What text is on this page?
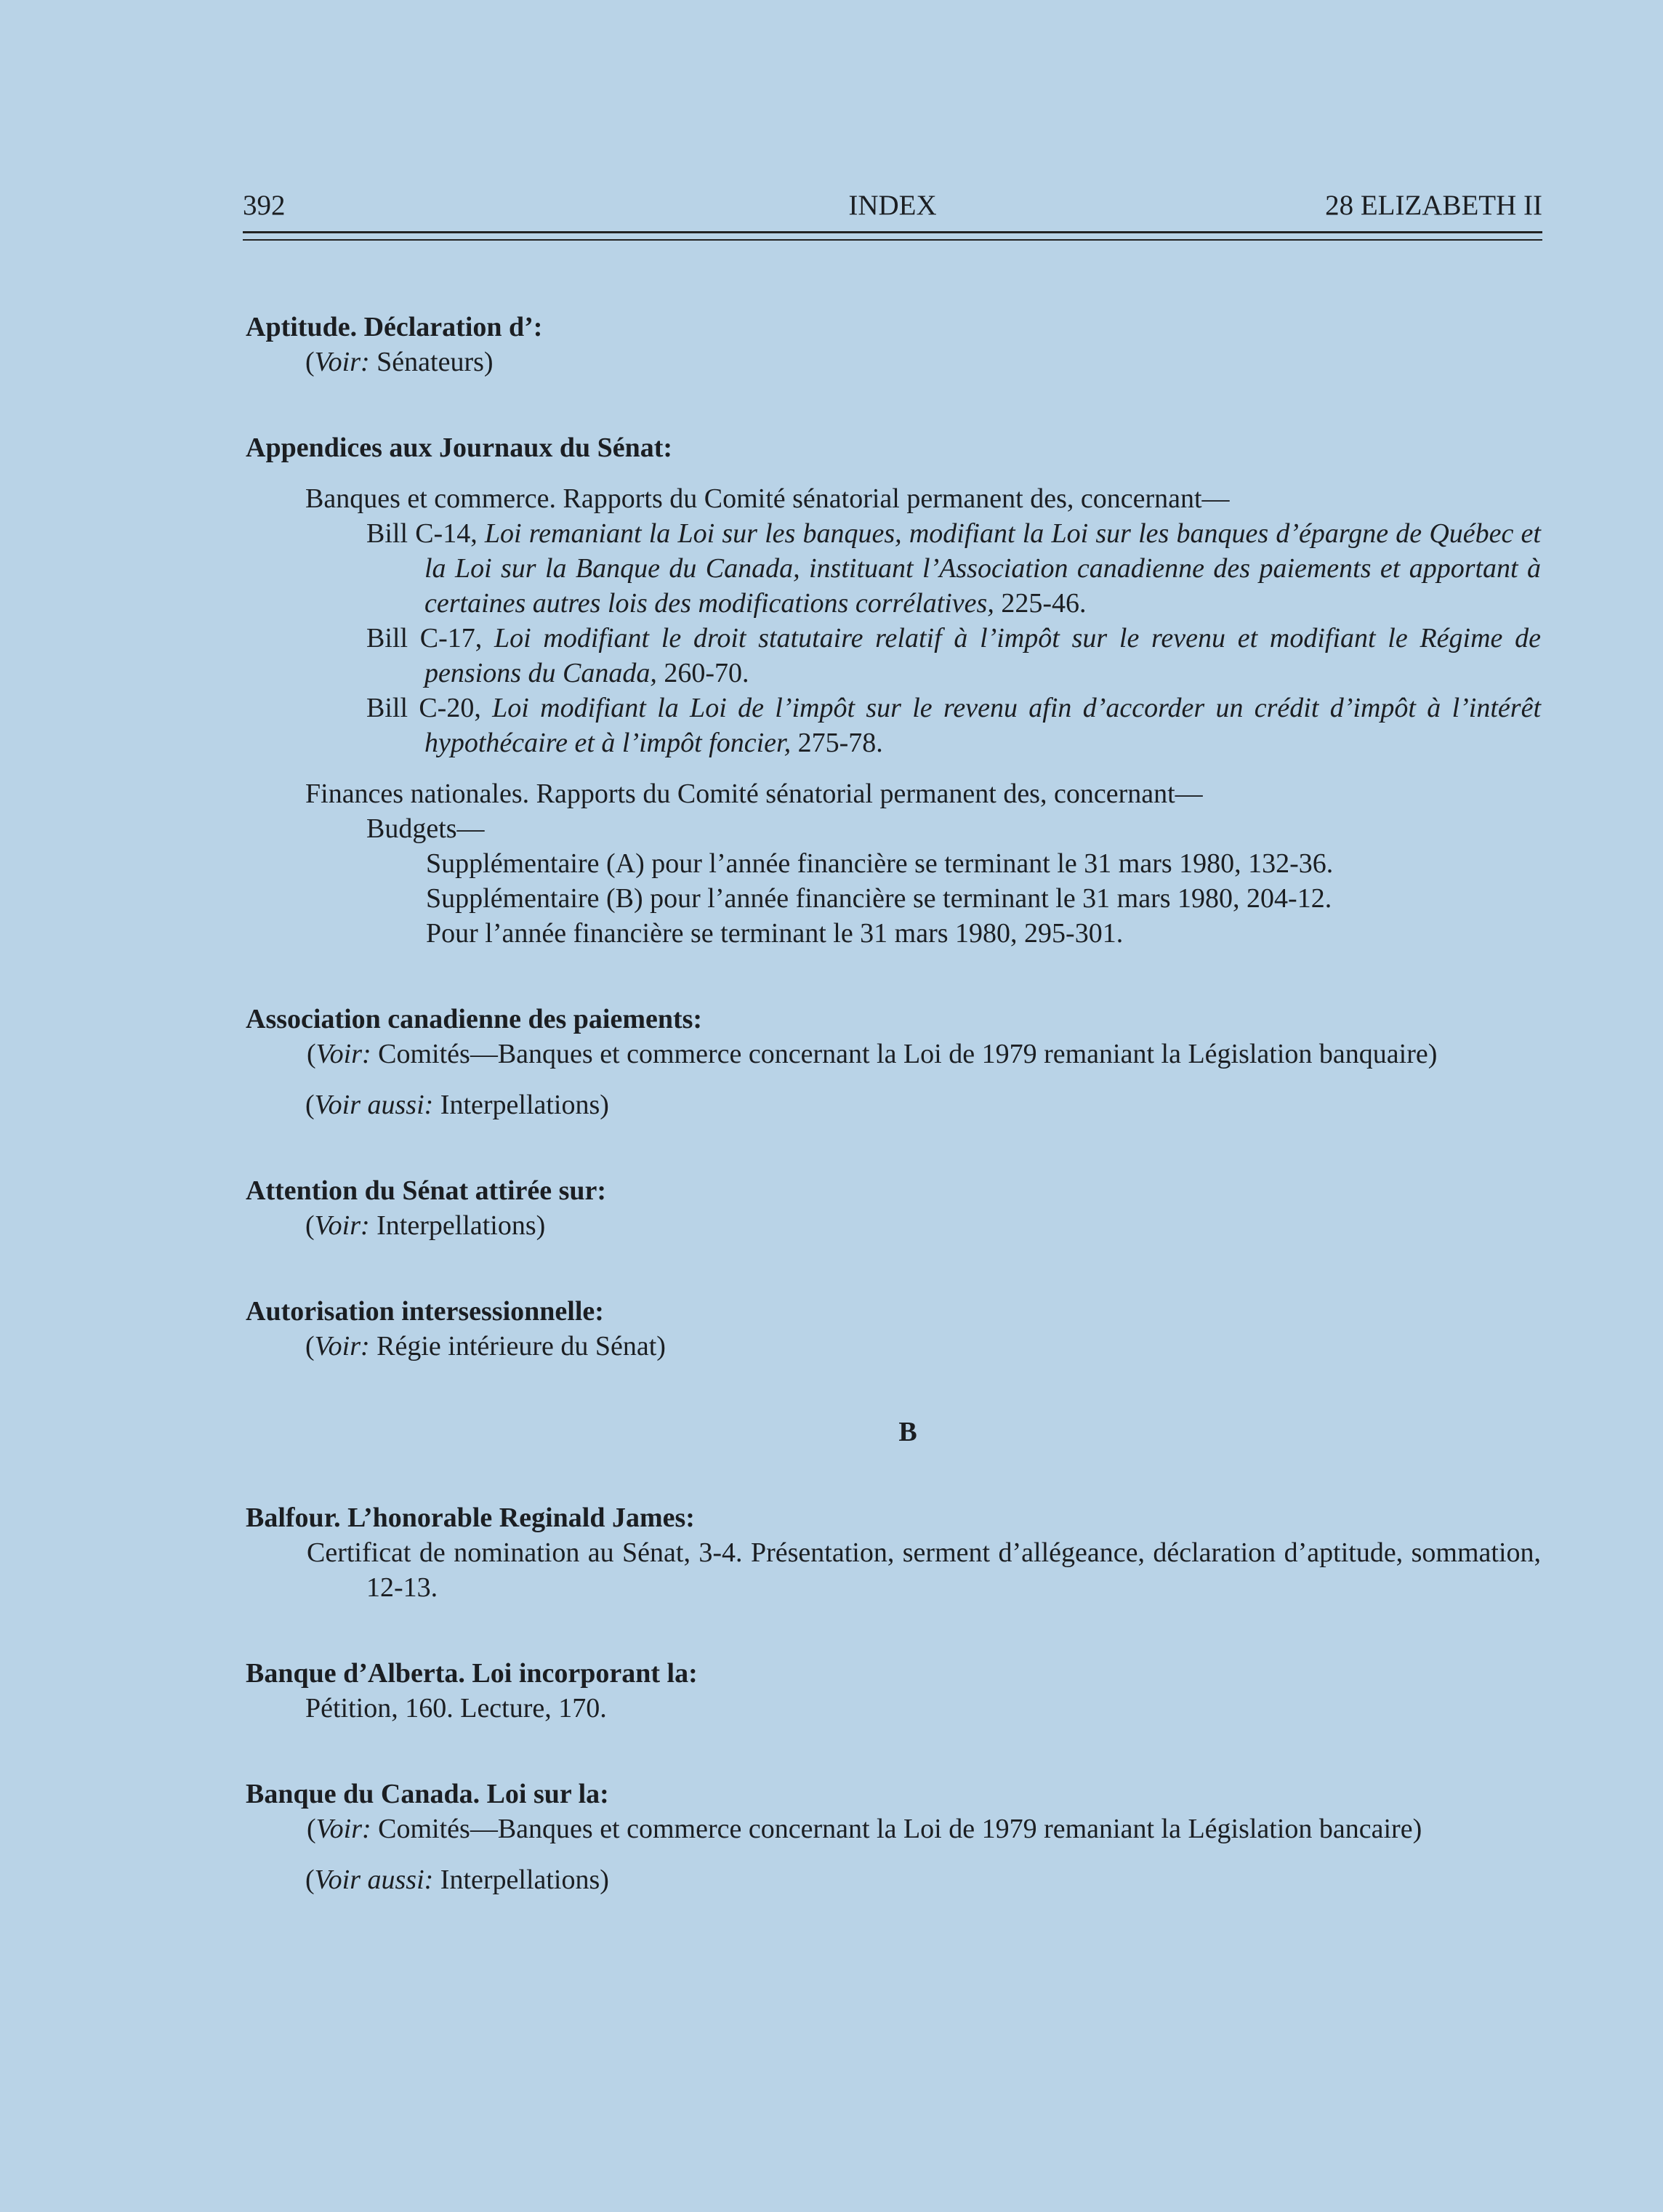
392	INDEX	28 ELIZABETH II

Aptitude. Déclaration d’:

(Voir: Sénateurs)

Appendices aux Journaux du Sénat:

Banques et commerce. Rapports du Comité sénatorial permanent des, concernant—

Bill C-14, Loi remaniant la Loi sur les banques, modifiant la Loi sur les banques d’épargne de Québec et la Loi sur la Banque du Canada, instituant l’Association canadienne des paiements et apportant à certaines autres lois des modifications corrélatives, 225-46.

Bill C-17, Loi modifiant le droit statutaire relatif à l’impôt sur le revenu et modifiant le Régime de pensions du Canada, 260-70.

Bill C-20, Loi modifiant la Loi de l’impôt sur le revenu afin d’accorder un crédit d’impôt à l’intérêt hypothécaire et à l’impôt foncier, 275-78.

Finances nationales. Rapports du Comité sénatorial permanent des, concernant—

Budgets—

Supplémentaire (A) pour l’année financière se terminant le 31 mars 1980, 132-36.

Supplémentaire (B) pour l’année financière se terminant le 31 mars 1980, 204-12.

Pour l’année financière se terminant le 31 mars 1980, 295-301.

Association canadienne des paiements:

(Voir: Comités—Banques et commerce concernant la Loi de 1979 remaniant la Législation banquaire)

(Voir aussi: Interpellations)

Attention du Sénat attirée sur:

(Voir: Interpellations)

Autorisation intersessionnelle:

(Voir: Régie intérieure du Sénat)

B

Balfour. L’honorable Reginald James:

Certificat de nomination au Sénat, 3-4. Présentation, serment d’allégeance, déclaration d’aptitude, sommation, 12-13.

Banque d’Alberta. Loi incorporant la:

Pétition, 160. Lecture, 170.

Banque du Canada. Loi sur la:

(Voir: Comités—Banques et commerce concernant la Loi de 1979 remaniant la Législation bancaire)

(Voir aussi: Interpellations)
